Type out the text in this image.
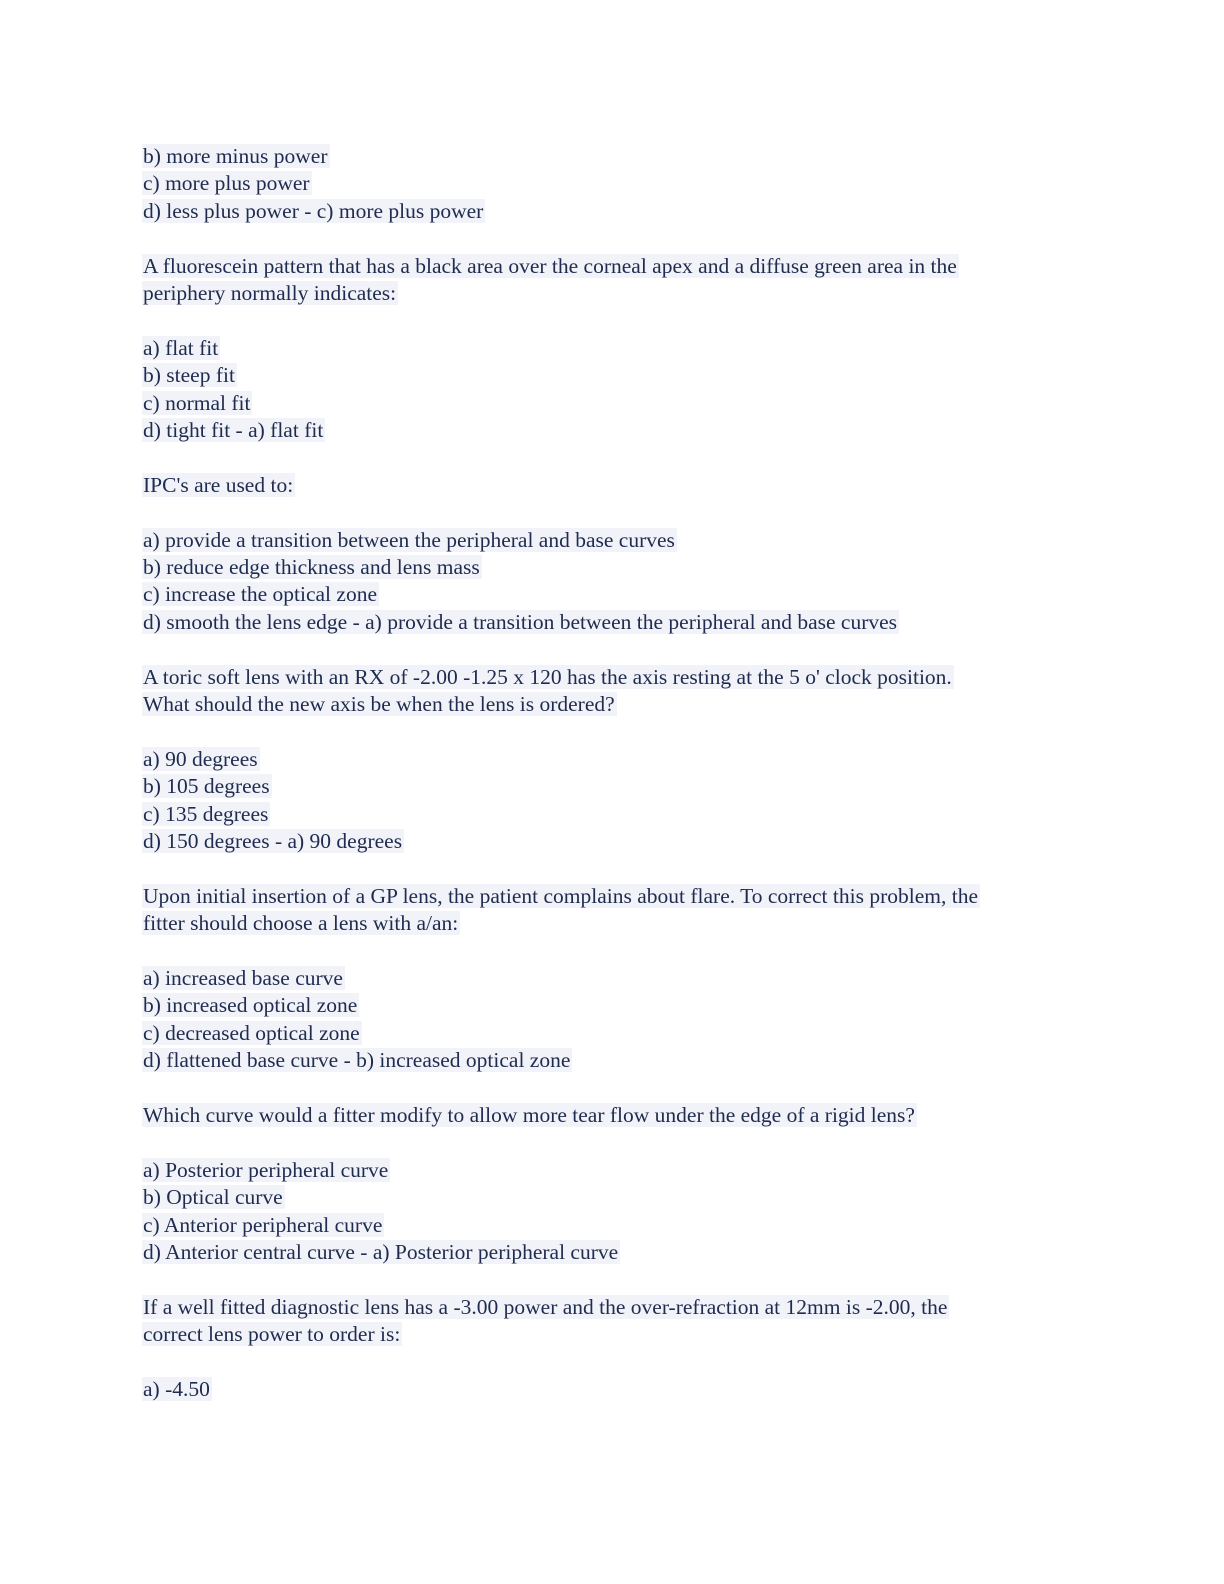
b) more minus power
c) more plus power
d) less plus power - c) more plus power
A fluorescein pattern that has a black area over the corneal apex and a diffuse green area in the
periphery normally indicates:
a) flat fit
b) steep fit
c) normal fit
d) tight fit - a) flat fit
IPC's are used to:
a) provide a transition between the peripheral and base curves
b) reduce edge thickness and lens mass
c) increase the optical zone
d) smooth the lens edge - a) provide a transition between the peripheral and base curves
A toric soft lens with an RX of -2.00 -1.25 x 120 has the axis resting at the 5 o' clock position.
What should the new axis be when the lens is ordered?
a) 90 degrees
b) 105 degrees
c) 135 degrees
d) 150 degrees - a) 90 degrees
Upon initial insertion of a GP lens, the patient complains about flare. To correct this problem, the
fitter should choose a lens with a/an:
a) increased base curve
b) increased optical zone
c) decreased optical zone
d) flattened base curve - b) increased optical zone
Which curve would a fitter modify to allow more tear flow under the edge of a rigid lens?
a) Posterior peripheral curve
b) Optical curve
c) Anterior peripheral curve
d) Anterior central curve - a) Posterior peripheral curve
If a well fitted diagnostic lens has a -3.00 power and the over-refraction at 12mm is -2.00, the
correct lens power to order is:
a) -4.50
